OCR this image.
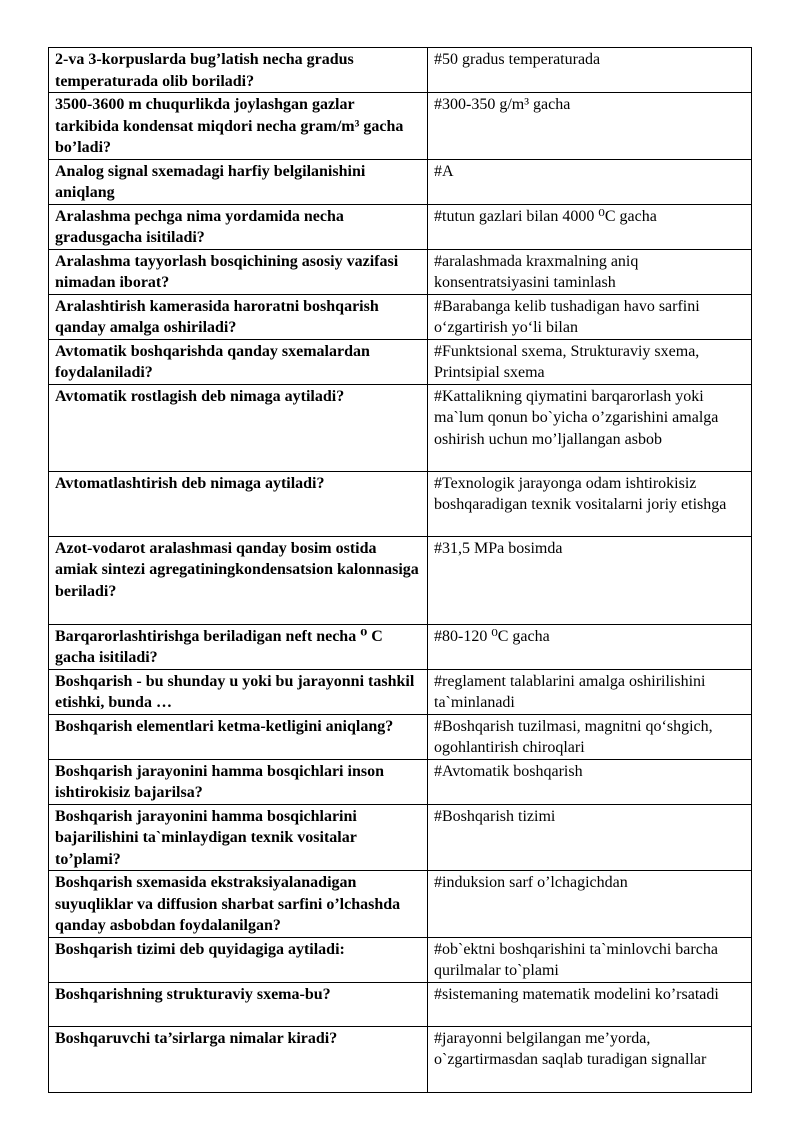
2-va 3-korpuslarda bug’latish necha gradus temperaturada olib boriladi?	#50 gradus temperaturada
3500-3600 m chuqurlikda joylashgan gazlar tarkibida kondensat miqdori necha gram/m³ gacha bo’ladi?	#300-350 g/m³ gacha
Analog signal sxemadagi harfiy belgilanishini aniqlang	#A
Aralashma pechga nima yordamida necha gradusgacha isitiladi?	#tutun gazlari bilan 4000 ⁰C gacha
Aralashma tayyorlash bosqichining asosiy vazifasi nimadan iborat?	#aralashmada kraxmalning aniq konsentratsiyasini taminlash
Aralashtirish kamerasida haroratni boshqarish qanday amalga oshiriladi?	#Barabanga kelib tushadigan havo sarfini o‘zgartirish yo‘li bilan
Avtomatik boshqarishda qanday sxemalardan foydalaniladi?	#Funktsional sxema, Strukturaviy sxema, Printsipial sxema
Avtomatik rostlagish deb nimaga aytiladi?	#Kattalikning qiymatini barqarorlash yoki ma`lum qonun bo`yicha o’zgarishini amalga oshirish uchun mo’ljallangan asbob
Avtomatlashtirish deb nimaga aytiladi?	#Texnologik jarayonga odam ishtirokisiz boshqaradigan texnik vositalarni joriy etishga
Azot-vodarot aralashmasi qanday bosim ostida amiak sintezi agregatiningkondensatsion kalonnasiga beriladi?	#31,5 MPa bosimda
Barqarorlashtirishga beriladigan neft necha ⁰ C gacha isitiladi?	#80-120 ⁰C gacha
Boshqarish - bu shunday u yoki bu jarayonni tashkil etishki, bunda …	#reglament talablarini amalga oshirilishini ta`minlanadi
Boshqarish elementlari ketma-ketligini aniqlang?	#Boshqarish tuzilmasi, magnitni qo‘shgich, ogohlantirish chiroqlari
Boshqarish jarayonini hamma bosqichlari inson ishtirokisiz bajarilsa?	#Avtomatik boshqarish
Boshqarish jarayonini hamma bosqichlarini bajarilishini ta`minlaydigan texnik vositalar to’plami?	#Boshqarish tizimi
Boshqarish sxemasida ekstraksiyalanadigan suyuqliklar va diffusion sharbat sarfini o’lchashda qanday asbobdan foydalanilgan?	#induksion sarf o’lchagichdan
Boshqarish tizimi deb quyidagiga aytiladi:	#ob`ektni boshqarishini ta`minlovchi barcha qurilmalar to`plami
Boshqarishning strukturaviy sxema-bu?	#sistemaning matematik modelini ko’rsatadi
Boshqaruvchi ta’sirlarga nimalar kiradi?	#jarayonni belgilangan me’yorda, o`zgartirmasdan saqlab turadigan signallar
